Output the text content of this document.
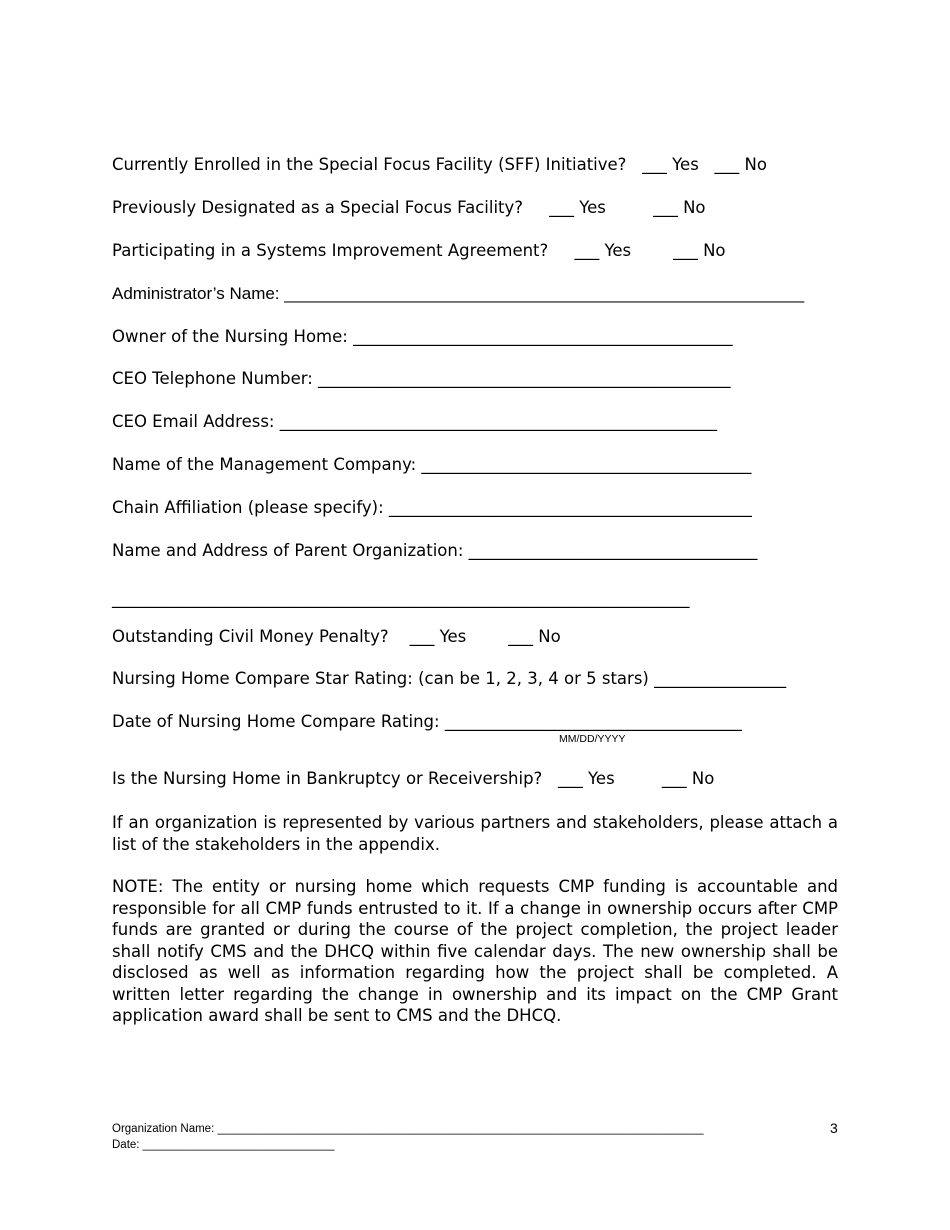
Currently Enrolled in the Special Focus Facility (SFF) Initiative?   ___ Yes   ___ No
Previously Designated as a Special Focus Facility?     ___ Yes         ___ No
Participating in a Systems Improvement Agreement?     ___ Yes        ___ No
Administrator’s Name: _______________________________________________________
Owner of the Nursing Home: ______________________________________________
CEO Telephone Number: __________________________________________________
CEO Email Address: _____________________________________________________
Name of the Management Company: ________________________________________
Chain Affiliation (please specify): ____________________________________________
Name and Address of Parent Organization: ___________________________________
______________________________________________________________________
Outstanding Civil Money Penalty?    ___ Yes        ___ No
Nursing Home Compare Star Rating: (can be 1, 2, 3, 4 or 5 stars) ________________
Date of Nursing Home Compare Rating: ____________________________________
MM/DD/YYYY
Is the Nursing Home in Bankruptcy or Receivership?   ___ Yes         ___ No
If an organization is represented by various partners and stakeholders, please attach a list of the stakeholders in the appendix.
NOTE: The entity or nursing home which requests CMP funding is accountable and responsible for all CMP funds entrusted to it. If a change in ownership occurs after CMP funds are granted or during the course of the project completion, the project leader shall notify CMS and the DHCQ within five calendar days. The new ownership shall be disclosed as well as information regarding how the project shall be completed. A written letter regarding the change in ownership and its impact on the CMP Grant application award shall be sent to CMS and the DHCQ.
Organization Name: ____________________________________________________________________________
Date: ______________________________
3
